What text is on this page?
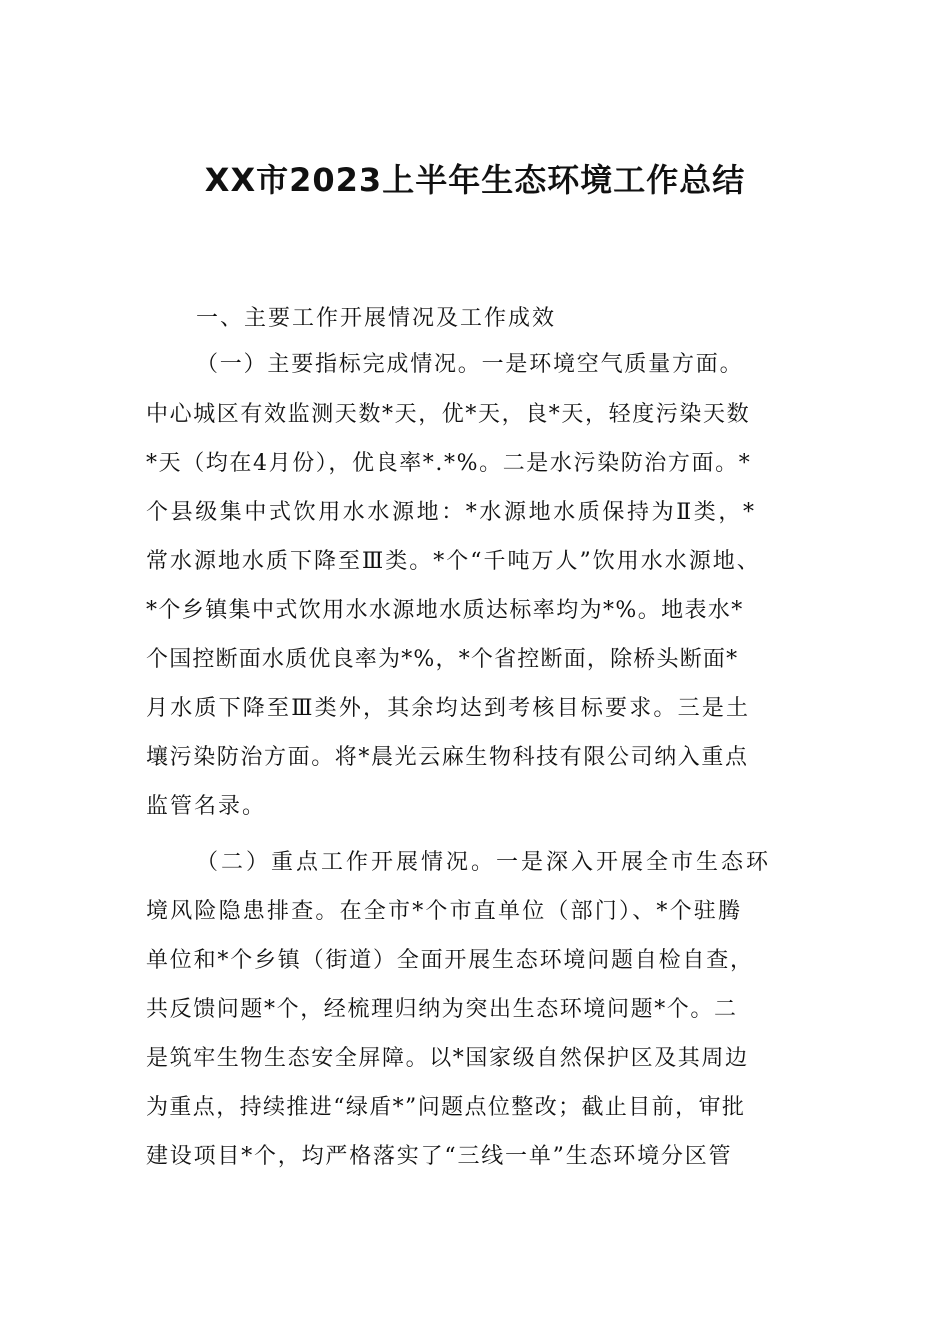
XX市2023上半年生态环境工作总结

一、主要工作开展情况及工作成效

（一）主要指标完成情况。一是环境空气质量方面。

中心城区有效监测天数*天，优*天，良*天，轻度污染天数

*天（均在4月份），优良率*.*%。二是水污染防治方面。*

个县级集中式饮用水水源地：*水源地水质保持为Ⅱ类，*

常水源地水质下降至Ⅲ类。*个“千吨万人”饮用水水源地、

*个乡镇集中式饮用水水源地水质达标率均为*%。地表水*

个国控断面水质优良率为*%，*个省控断面，除桥头断面*

月水质下降至Ⅲ类外，其余均达到考核目标要求。三是土

壤污染防治方面。将*晨光云麻生物科技有限公司纳入重点

监管名录。

（二）重点工作开展情况。一是深入开展全市生态环

境风险隐患排查。在全市*个市直单位（部门）、*个驻腾

单位和*个乡镇（街道）全面开展生态环境问题自检自查，

共反馈问题*个，经梳理归纳为突出生态环境问题*个。二

是筑牢生物生态安全屏障。以*国家级自然保护区及其周边

为重点，持续推进“绿盾*”问题点位整改；截止目前，审批

建设项目*个，均严格落实了“三线一单”生态环境分区管
